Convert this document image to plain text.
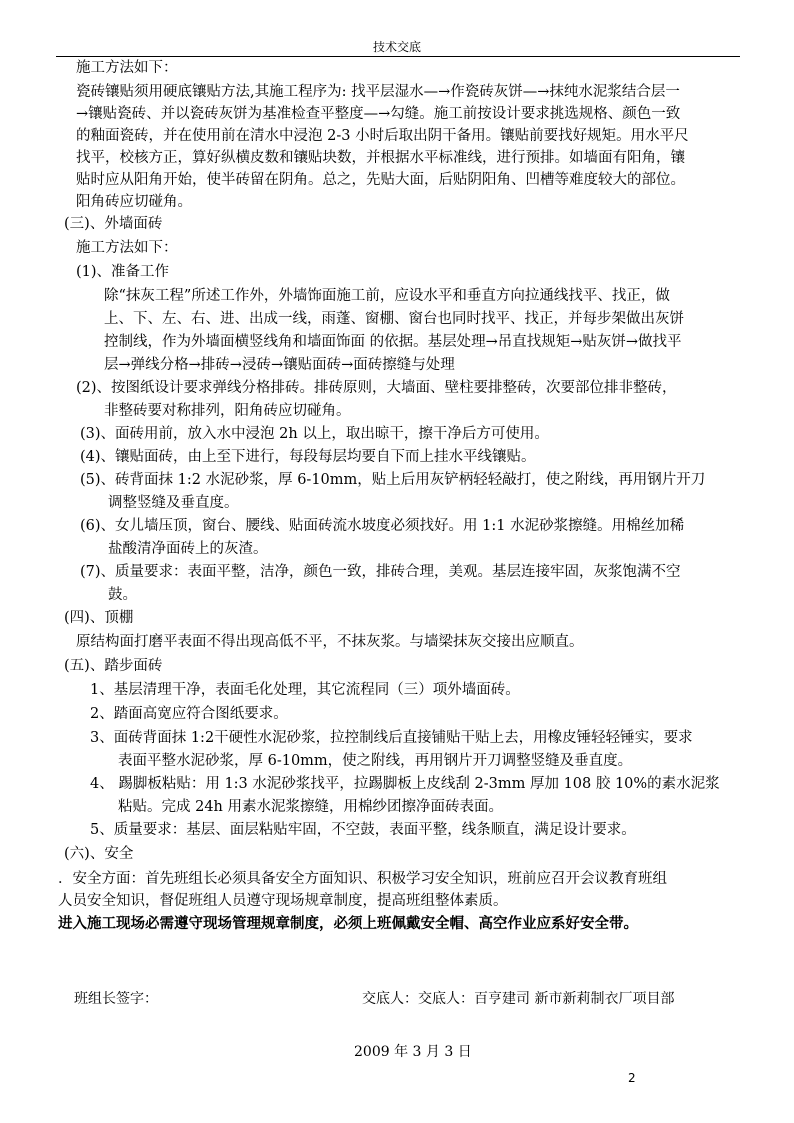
技术交底
施工方法如下：
瓷砖镶贴须用硬底镶贴方法,其施工程序为: 找平层湿水—→作瓷砖灰饼—→抹纯水泥浆结合层一
→镶贴瓷砖、并以瓷砖灰饼为基准检查平整度—→勾缝。施工前按设计要求挑选规格、颜色一致
的釉面瓷砖，并在使用前在清水中浸泡 2-3 小时后取出阴干备用。镶贴前要找好规矩。用水平尺
找平，校核方正，算好纵横皮数和镶贴块数，并根据水平标准线，进行预排。如墙面有阳角，镶
贴时应从阳角开始，使半砖留在阴角。总之，先贴大面，后贴阴阳角、凹槽等难度较大的部位。
阳角砖应切碰角。
(三)、外墙面砖
施工方法如下：
(1)、准备工作
除“抹灰工程”所述工作外，外墙饰面施工前，应设水平和垂直方向拉通线找平、找正，做
上、下、左、右、进、出成一线，雨蓬、窗棚、窗台也同时找平、找正，并每步架做出灰饼
控制线，作为外墙面横竖线角和墙面饰面 的依据。基层处理→吊直找规矩→贴灰饼→做找平
层→弹线分格→排砖→浸砖→镶贴面砖→面砖擦缝与处理
(2)、按图纸设计要求弹线分格排砖。排砖原则，大墙面、壁柱要排整砖，次要部位排非整砖，
非整砖要对称排列，阳角砖应切碰角。
(3)、面砖用前，放入水中浸泡 2h 以上，取出晾干，擦干净后方可使用。
(4)、镶贴面砖，由上至下进行，每段每层均要自下而上挂水平线镶贴。
(5)、砖背面抹 1:2 水泥砂浆，厚 6-10mm，贴上后用灰铲柄轻轻敲打，使之附线，再用钢片开刀
调整竖缝及垂直度。
(6)、女儿墙压顶，窗台、腰线、贴面砖流水坡度必须找好。用 1:1 水泥砂浆擦缝。用棉丝加稀
盐酸清净面砖上的灰渣。
(7)、质量要求：表面平整，洁净，颜色一致，排砖合理，美观。基层连接牢固，灰浆饱满不空
鼓。
(四)、顶棚
原结构面打磨平表面不得出现高低不平，不抹灰浆。与墙梁抹灰交接出应顺直。
(五)、踏步面砖
1、基层清理干净，表面毛化处理，其它流程同（三）项外墙面砖。
2、踏面高宽应符合图纸要求。
3、面砖背面抹 1:2干硬性水泥砂浆，拉控制线后直接铺贴干贴上去，用橡皮锤轻轻锤实，要求
表面平整水泥砂浆，厚 6-10mm，使之附线，再用钢片开刀调整竖缝及垂直度。
4、 踢脚板粘贴：用 1:3 水泥砂浆找平，拉踢脚板上皮线刮 2-3mm 厚加 108 胶 10%的素水泥浆
粘贴。完成 24h 用素水泥浆擦缝，用棉纱团擦净面砖表面。
5、质量要求：基层、面层粘贴牢固，不空鼓，表面平整，线条顺直，满足设计要求。
(六)、安全
．安全方面：首先班组长必须具备安全方面知识、积极学习安全知识，班前应召开会议教育班组
人员安全知识，督促班组人员遵守现场规章制度，提高班组整体素质。
进入施工现场必需遵守现场管理规章制度，必须上班佩戴安全帽、高空作业应系好安全带。
班组长签字：	交底人：交底人：百亨建司 新市新莉制衣厂项目部
2009 年 3 月 3 日
2
